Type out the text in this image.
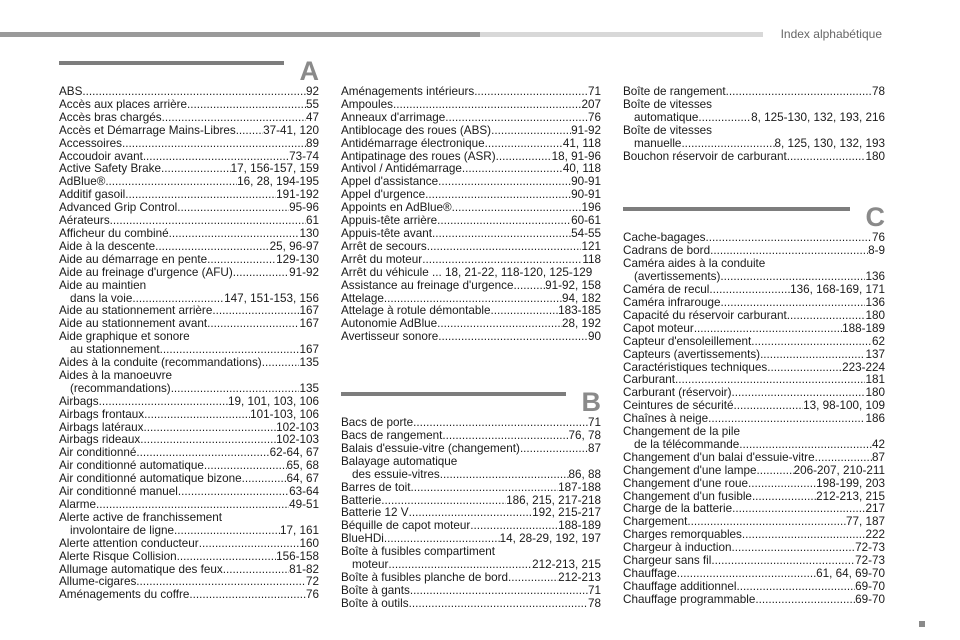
Index alphabétique
A
ABS .....	92
Accès aux places arrière .....	55
Accès bras chargés .....	47
Accès et Démarrage Mains-Libres ..... 37-41, 120
Accessoires .....	89
Accoudoir avant .....	73-74
Active Safety Brake .....	17, 156-157, 159
AdBlue® .....	16, 28, 194-195
Additif gasoil .....	191-192
Advanced Grip Control .....	95-96
Aérateurs .....	61
Afficheur du combiné .....	130
Aide à la descente .....	25, 96-97
Aide au démarrage en pente .....	129-130
Aide au freinage d'urgence (AFU) .....	91-92
Aide au maintien
dans la voie .....	147, 151-153, 156
Aide au stationnement arrière .....	167
Aide au stationnement avant .....	167
Aide graphique et sonore
au stationnement .....	167
Aides à la conduite (recommandations) .....	135
Aides à la manoeuvre
(recommandations) .....	135
Airbags .....	19, 101, 103, 106
Airbags frontaux .....	101-103, 106
Airbags latéraux .....	102-103
Airbags rideaux .....	102-103
Air conditionné .....	62-64, 67
Air conditionné automatique .....	65, 68
Air conditionné automatique bizone .....	64, 67
Air conditionné manuel .....	63-64
Alarme .....	49-51
Alerte active de franchissement
involontaire de ligne .....	17, 161
Alerte attention conducteur .....	160
Alerte Risque Collision .....	156-158
Allumage automatique des feux .....	81-82
Allume-cigares .....	72
Aménagements du coffre .....	76
Aménagements intérieurs .....	71
Ampoules .....	207
Anneaux d'arrimage .....	76
Antiblocage des roues (ABS) .....	91-92
Antidémarrage électronique .....	41, 118
Antipatinage des roues (ASR) .....	18, 91-96
Antivol / Antidémarrage .....	40, 118
Appel d'assistance .....	90-91
Appel d'urgence .....	90-91
Appoints en AdBlue® .....	196
Appuis-tête arrière .....	60-61
Appuis-tête avant .....	54-55
Arrêt de secours .....	121
Arrêt du moteur .....	118
Arrêt du véhicule ... 18, 21-22, 118-120, 125-129
Assistance au freinage d'urgence .....	91-92, 158
Attelage .....	94, 182
Attelage à rotule démontable .....	183-185
Autonomie AdBlue .....	28, 192
Avertisseur sonore .....	90
B
Bacs de porte .....	71
Bacs de rangement .....	76, 78
Balais d'essuie-vitre (changement) .....	87
Balayage automatique
des essuie-vitres .....	86, 88
Barres de toit .....	187-188
Batterie .....	186, 215, 217-218
Batterie 12 V .....	192, 215-217
Béquille de capot moteur .....	188-189
BlueHDi .....	14, 28-29, 192, 197
Boîte à fusibles compartiment
moteur .....	212-213, 215
Boîte à fusibles planche de bord .....	212-213
Boîte à gants .....	71
Boîte à outils .....	78
Boîte de rangement .....	78
Boîte de vitesses
automatique .....	8, 125-130, 132, 193, 216
Boîte de vitesses
manuelle .....	8, 125, 130, 132, 193
Bouchon réservoir de carburant .....	180
C
Cache-bagages .....	76
Cadrans de bord .....	8-9
Caméra aides à la conduite
(avertissements) .....	136
Caméra de recul .....	136, 168-169, 171
Caméra infrarouge .....	136
Capacité du réservoir carburant .....	180
Capot moteur .....	188-189
Capteur d'ensoleillement .....	62
Capteurs (avertissements) .....	137
Caractéristiques techniques .....	223-224
Carburant .....	181
Carburant (réservoir) .....	180
Ceintures de sécurité .....	13, 98-100, 109
Chaînes à neige .....	186
Changement de la pile
de la télécommande .....	42
Changement d'un balai d'essuie-vitre .....	87
Changement d'une lampe .....	206-207, 210-211
Changement d'une roue .....	198-199, 203
Changement d'un fusible .....	212-213, 215
Charge de la batterie .....	217
Chargement .....	77, 187
Charges remorquables .....	222
Chargeur à induction .....	72-73
Chargeur sans fil .....	72-73
Chauffage .....	61, 64, 69-70
Chauffage additionnel .....	69-70
Chauffage programmable .....	69-70
